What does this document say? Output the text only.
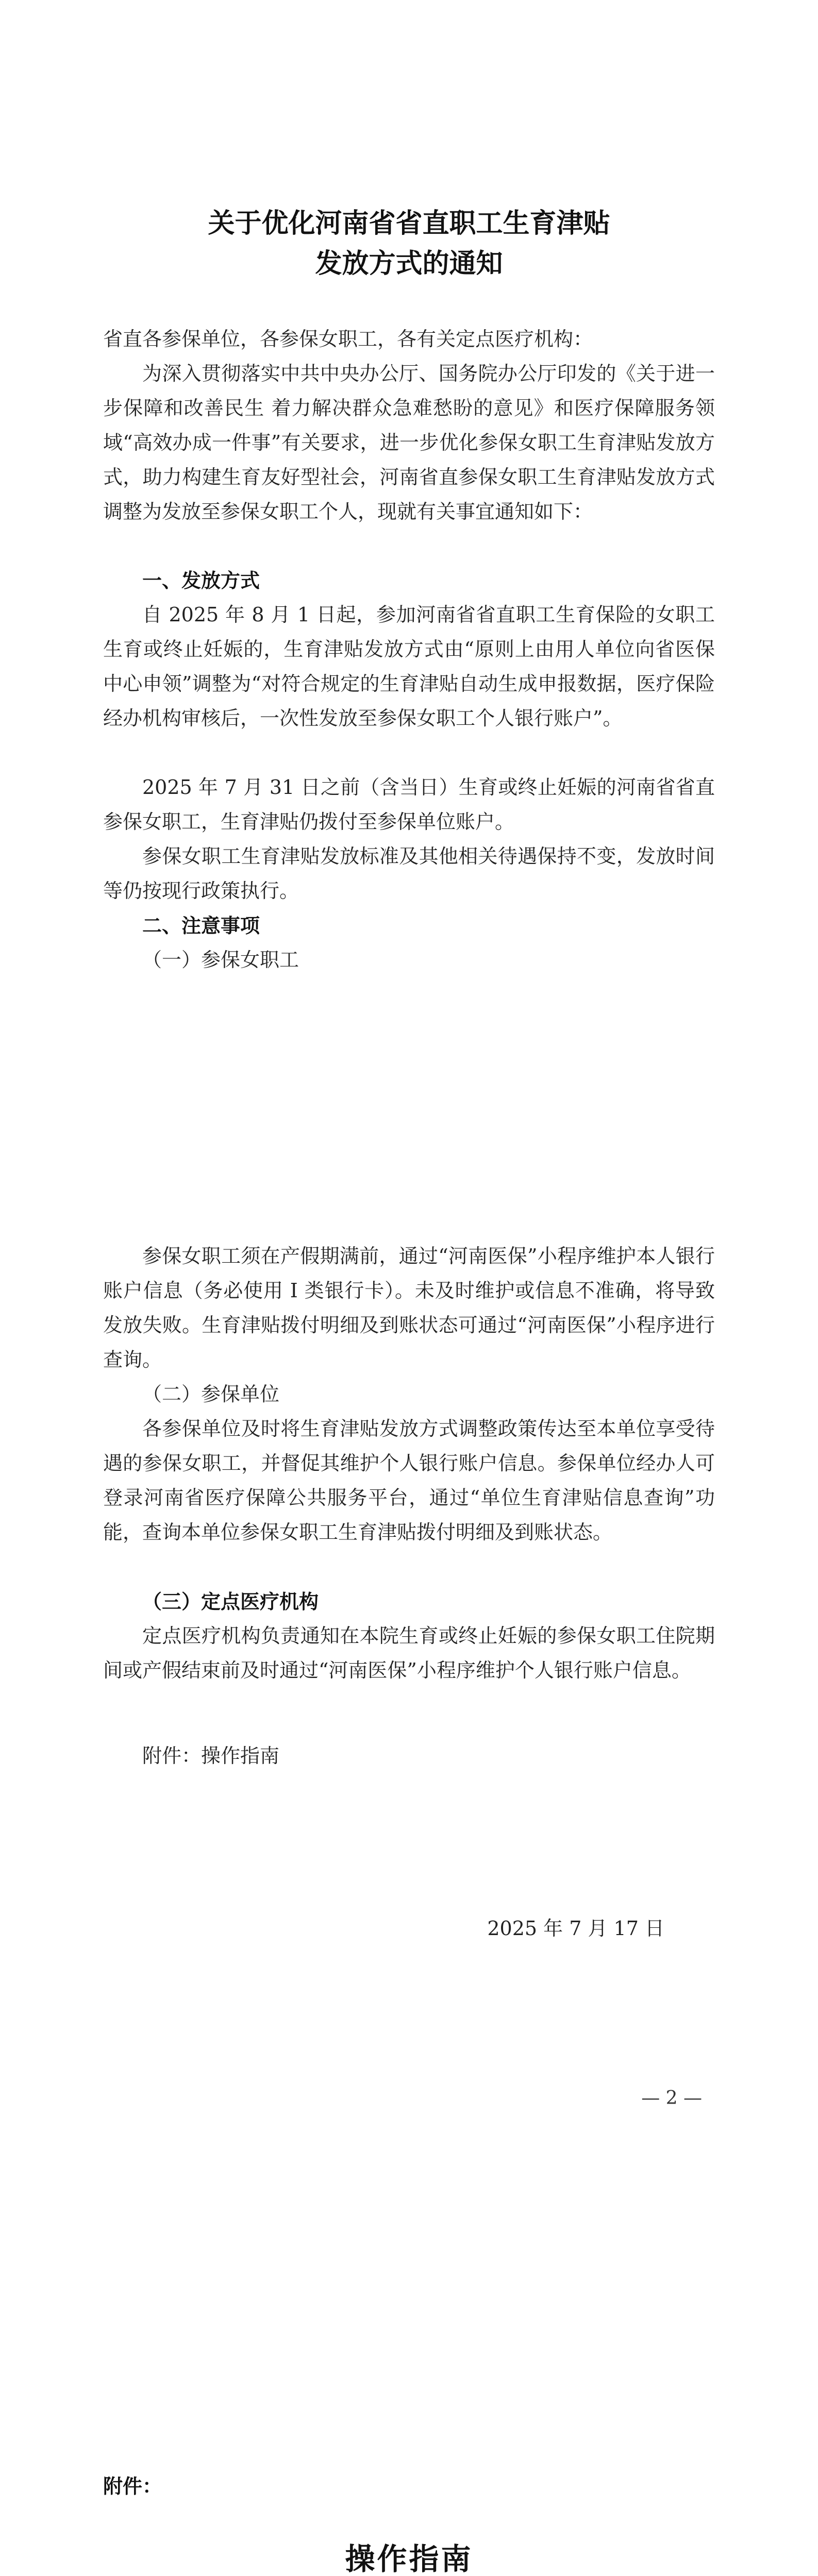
关于优化河南省省直职工生育津贴
发放方式的通知

省直各参保单位，各参保女职工，各有关定点医疗机构：

为深入贯彻落实中共中央办公厅、国务院办公厅印发的《关于进一步保障和改善民生 着力解决群众急难愁盼的意见》和医疗保障服务领域“高效办成一件事”有关要求，进一步优化参保女职工生育津贴发放方式，助力构建生育友好型社会，河南省直参保女职工生育津贴发放方式调整为发放至参保女职工个人，现就有关事宜通知如下：

一、发放方式

自 2025 年 8 月 1 日起，参加河南省省直职工生育保险的女职工生育或终止妊娠的，生育津贴发放方式由“原则上由用人单位向省医保中心申领”调整为“对符合规定的生育津贴自动生成申报数据，医疗保险经办机构审核后，一次性发放至参保女职工个人银行账户”。

2025 年 7 月 31 日之前（含当日）生育或终止妊娠的河南省省直参保女职工，生育津贴仍拨付至参保单位账户。

参保女职工生育津贴发放标准及其他相关待遇保持不变，发放时间等仍按现行政策执行。

二、注意事项

（一）参保女职工

参保女职工须在产假期满前，通过“河南医保”小程序维护本人银行账户信息（务必使用 I 类银行卡）。未及时维护或信息不准确，将导致发放失败。生育津贴拨付明细及到账状态可通过“河南医保”小程序进行查询。

（二）参保单位

各参保单位及时将生育津贴发放方式调整政策传达至本单位享受待遇的参保女职工，并督促其维护个人银行账户信息。参保单位经办人可登录河南省医疗保障公共服务平台，通过“单位生育津贴信息查询”功能，查询本单位参保女职工生育津贴拨付明细及到账状态。

（三）定点医疗机构

定点医疗机构负责通知在本院生育或终止妊娠的参保女职工住院期间或产假结束前及时通过“河南医保”小程序维护个人银行账户信息。

附件：操作指南

2025 年 7 月 17 日

— 2 —

附件：

操作指南
